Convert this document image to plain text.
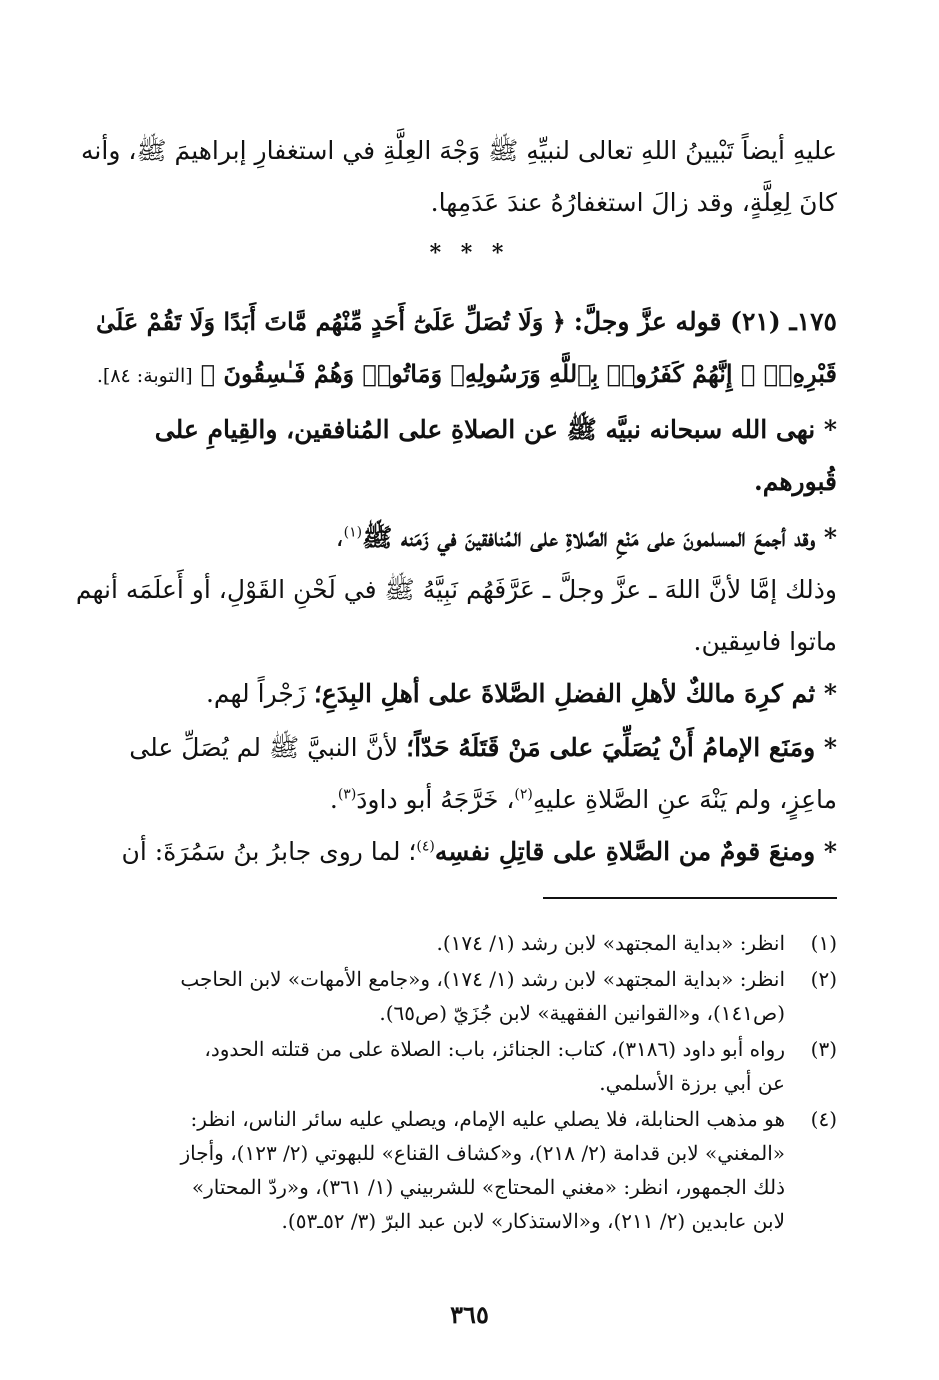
عليهِ أيضاً تَبْيينُ اللهِ تعالى لنبيِّهِ ﷺ وَجْهَ العِلَّةِ في استغفارِ إبراهيمَ ﷺ، وأنه
كانَ لِعِلَّةٍ، وقد زالَ استغفارُهُ عندَ عَدَمِها.
* * *
١٧٥ـ (٢١) قوله عزَّ وجلَّ: ﴿ وَلَا تُصَلِّ عَلَىٰٓ أَحَدٍ مِّنْهُم مَّاتَ أَبَدًا وَلَا تَقُمْ عَلَىٰ
قَبْرِهِۦٓ ۖ إِنَّهُمْ كَفَرُوا۟ بِٱللَّهِ وَرَسُولِهِۦ وَمَاتُوا۟ وَهُمْ فَـٰسِقُونَ ﴾ [التوبة: ٨٤].
* نهى الله سبحانه نبيَّه ﷺ عن الصلاةِ على المُنافقين، والقِيامِ على
قُبورهم.
* وقد أجمعَ المسلمونَ على مَنْعِ الصَّلاةِ على المُنافقينَ في زَمَنه ﷺ$^{(١)}$،
وذلك إمَّا لأنَّ اللهَ ـ عزَّ وجلَّ ـ عَرَّفَهُم نَبِيَّهُ ﷺ في لَحْنِ القَوْلِ، أو أَعلَمَه أنهم
ماتوا فاسِقين.
* ثم كرِهَ مالكٌ لأهلِ الفضلِ الصَّلاةَ على أهلِ البِدَعِ؛ زَجْراً لهم.
* ومَنَع الإمامُ أَنْ يُصَلِّيَ على مَنْ قَتَلَهُ حَدّاً؛ لأنَّ النبيَّ ﷺ لم يُصَلِّ على
ماعِزٍ، ولم يَنْهَ عنِ الصَّلاةِ عليهِ$^{(٢)}$، خَرَّجَهُ أبو داودَ$^{(٣)}$.
* ومنعَ قومٌ من الصَّلاةِ على قاتِلِ نفسِه$^{(٤)}$؛ لما روى جابرُ بنُ سَمُرَةَ: أن
(١)
انظر: «بداية المجتهد» لابن رشد (١/ ١٧٤).
(٢)
انظر: «بداية المجتهد» لابن رشد (١/ ١٧٤)، و«جامع الأمهات» لابن الحاجب
(ص١٤١)، و«القوانين الفقهية» لابن جُزَيّ (ص٦٥).
(٣)
رواه أبو داود (٣١٨٦)، كتاب: الجنائز، باب: الصلاة على من قتلته الحدود،
عن أبي برزة الأسلمي.
(٤)
هو مذهب الحنابلة، فلا يصلي عليه الإمام، ويصلي عليه سائر الناس، انظر:
«المغني» لابن قدامة (٢/ ٢١٨)، و«كشاف القناع» للبهوتي (٢/ ١٢٣)، وأجاز
ذلك الجمهور، انظر: «مغني المحتاج» للشربيني (١/ ٣٦١)، و«ردّ المحتار»
لابن عابدين (٢/ ٢١١)، و«الاستذكار» لابن عبد البرّ (٣/ ٥٢ـ٥٣).
٣٦٥
